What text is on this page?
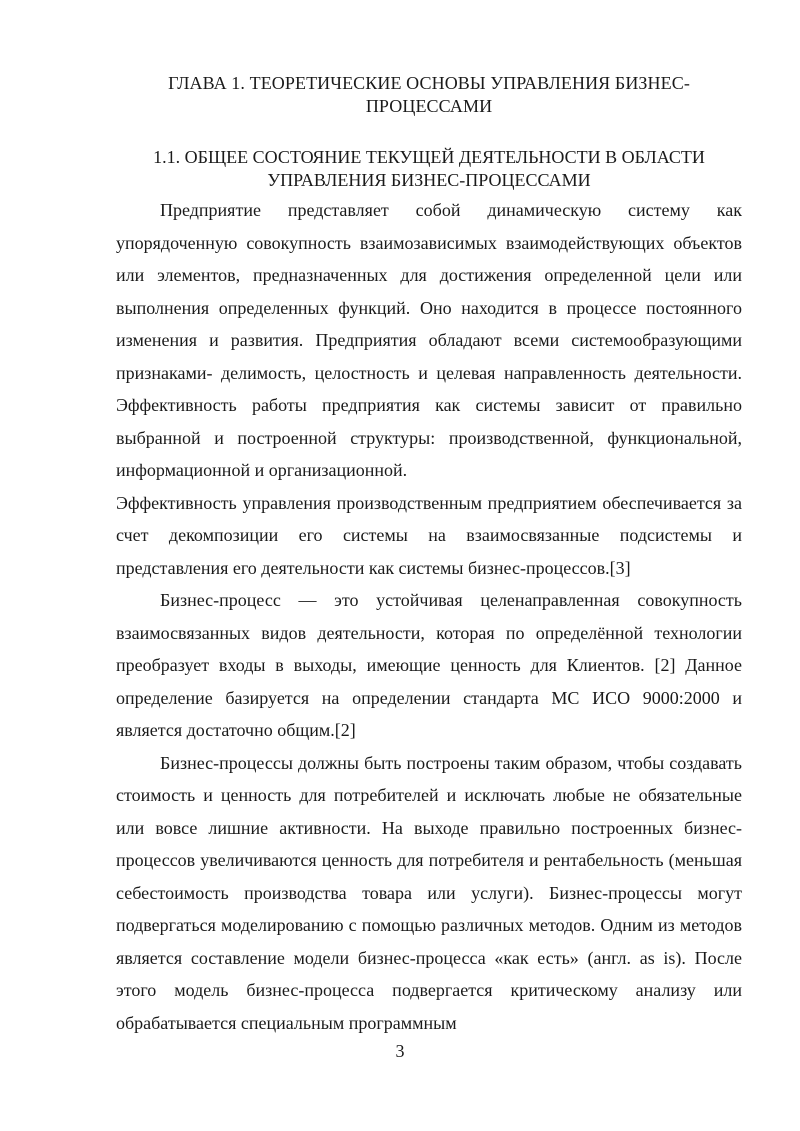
ГЛАВА 1. ТЕОРЕТИЧЕСКИЕ ОСНОВЫ УПРАВЛЕНИЯ БИЗНЕС-ПРОЦЕССАМИ
1.1. ОБЩЕЕ СОСТОЯНИЕ ТЕКУЩЕЙ ДЕЯТЕЛЬНОСТИ В ОБЛАСТИ УПРАВЛЕНИЯ БИЗНЕС-ПРОЦЕССАМИ

Предприятие представляет собой динамическую систему как упорядоченную совокупность взаимозависимых взаимодействующих объектов или элементов, предназначенных для достижения определенной цели или выполнения определенных функций. Оно находится в процессе постоянного изменения и развития. Предприятия обладают всеми системообразующими признаками- делимость, целостность и целевая направленность деятельности. Эффективность работы предприятия как системы зависит от правильно выбранной и построенной структуры: производственной, функциональной, информационной и организационной.

Эффективность управления производственным предприятием обеспечивается за счет декомпозиции его системы на взаимосвязанные подсистемы и представления его деятельности как системы бизнес-процессов.[3]

Бизнес-процесс — это устойчивая целенаправленная совокупность взаимосвязанных видов деятельности, которая по определённой технологии преобразует входы в выходы, имеющие ценность для Клиентов. [2] Данное определение базируется на определении стандарта МС ИСО 9000:2000 и является достаточно общим.[2]

Бизнес-процессы должны быть построены таким образом, чтобы создавать стоимость и ценность для потребителей и исключать любые не обязательные или вовсе лишние активности. На выходе правильно построенных бизнес-процессов увеличиваются ценность для потребителя и рентабельность (меньшая себестоимость производства товара или услуги). Бизнес-процессы могут подвергаться моделированию с помощью различных методов. Одним из методов является составление модели бизнес-процесса «как есть» (англ. as is). После этого модель бизнес-процесса подвергается критическому анализу или обрабатывается специальным программным

3
